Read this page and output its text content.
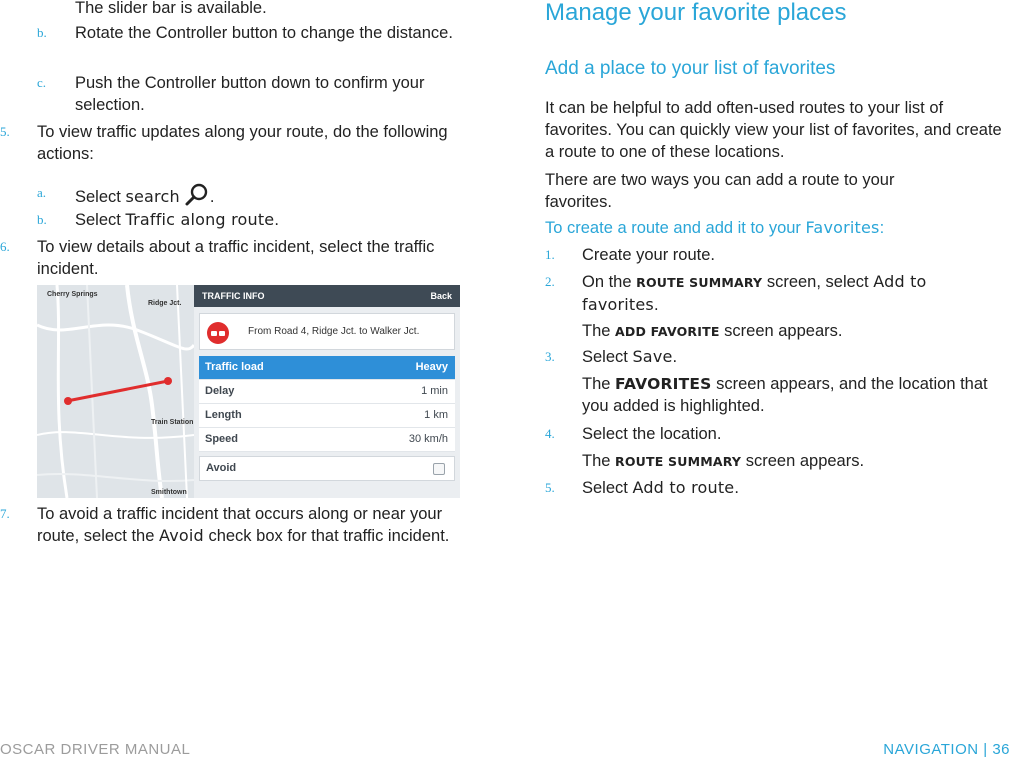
The slider bar is available.
b. Rotate the Controller button to change the distance.
c. Push the Controller button down to confirm your selection.
5. To view traffic updates along your route, do the following actions:
a. Select search .
b. Select Traffic along route.
6. To view details about a traffic incident, select the traffic incident.
Cherry Springs
Ridge Jct.
Train Station
Smithtown
TRAFFIC INFO	Back
From Road 4, Ridge Jct. to Walker Jct.
Traffic load	Heavy
Delay	1 min
Length	1 km
Speed	30 km/h
Avoid
7. To avoid a traffic incident that occurs along or near your route, select the Avoid check box for that traffic incident.
Manage your favorite places
Add a place to your list of favorites
It can be helpful to add often-used routes to your list of favorites. You can quickly view your list of favorites, and create a route to one of these locations.
There are two ways you can add a route to your favorites.
To create a route and add it to your Favorites:
1. Create your route.
2. On the ROUTE SUMMARY screen, select Add to favorites.
The ADD FAVORITE screen appears.
3. Select Save.
The FAVORITES screen appears, and the location that you added is highlighted.
4. Select the location.
The ROUTE SUMMARY screen appears.
5. Select Add to route.
OSCAR DRIVER MANUAL	NAVIGATION | 36
